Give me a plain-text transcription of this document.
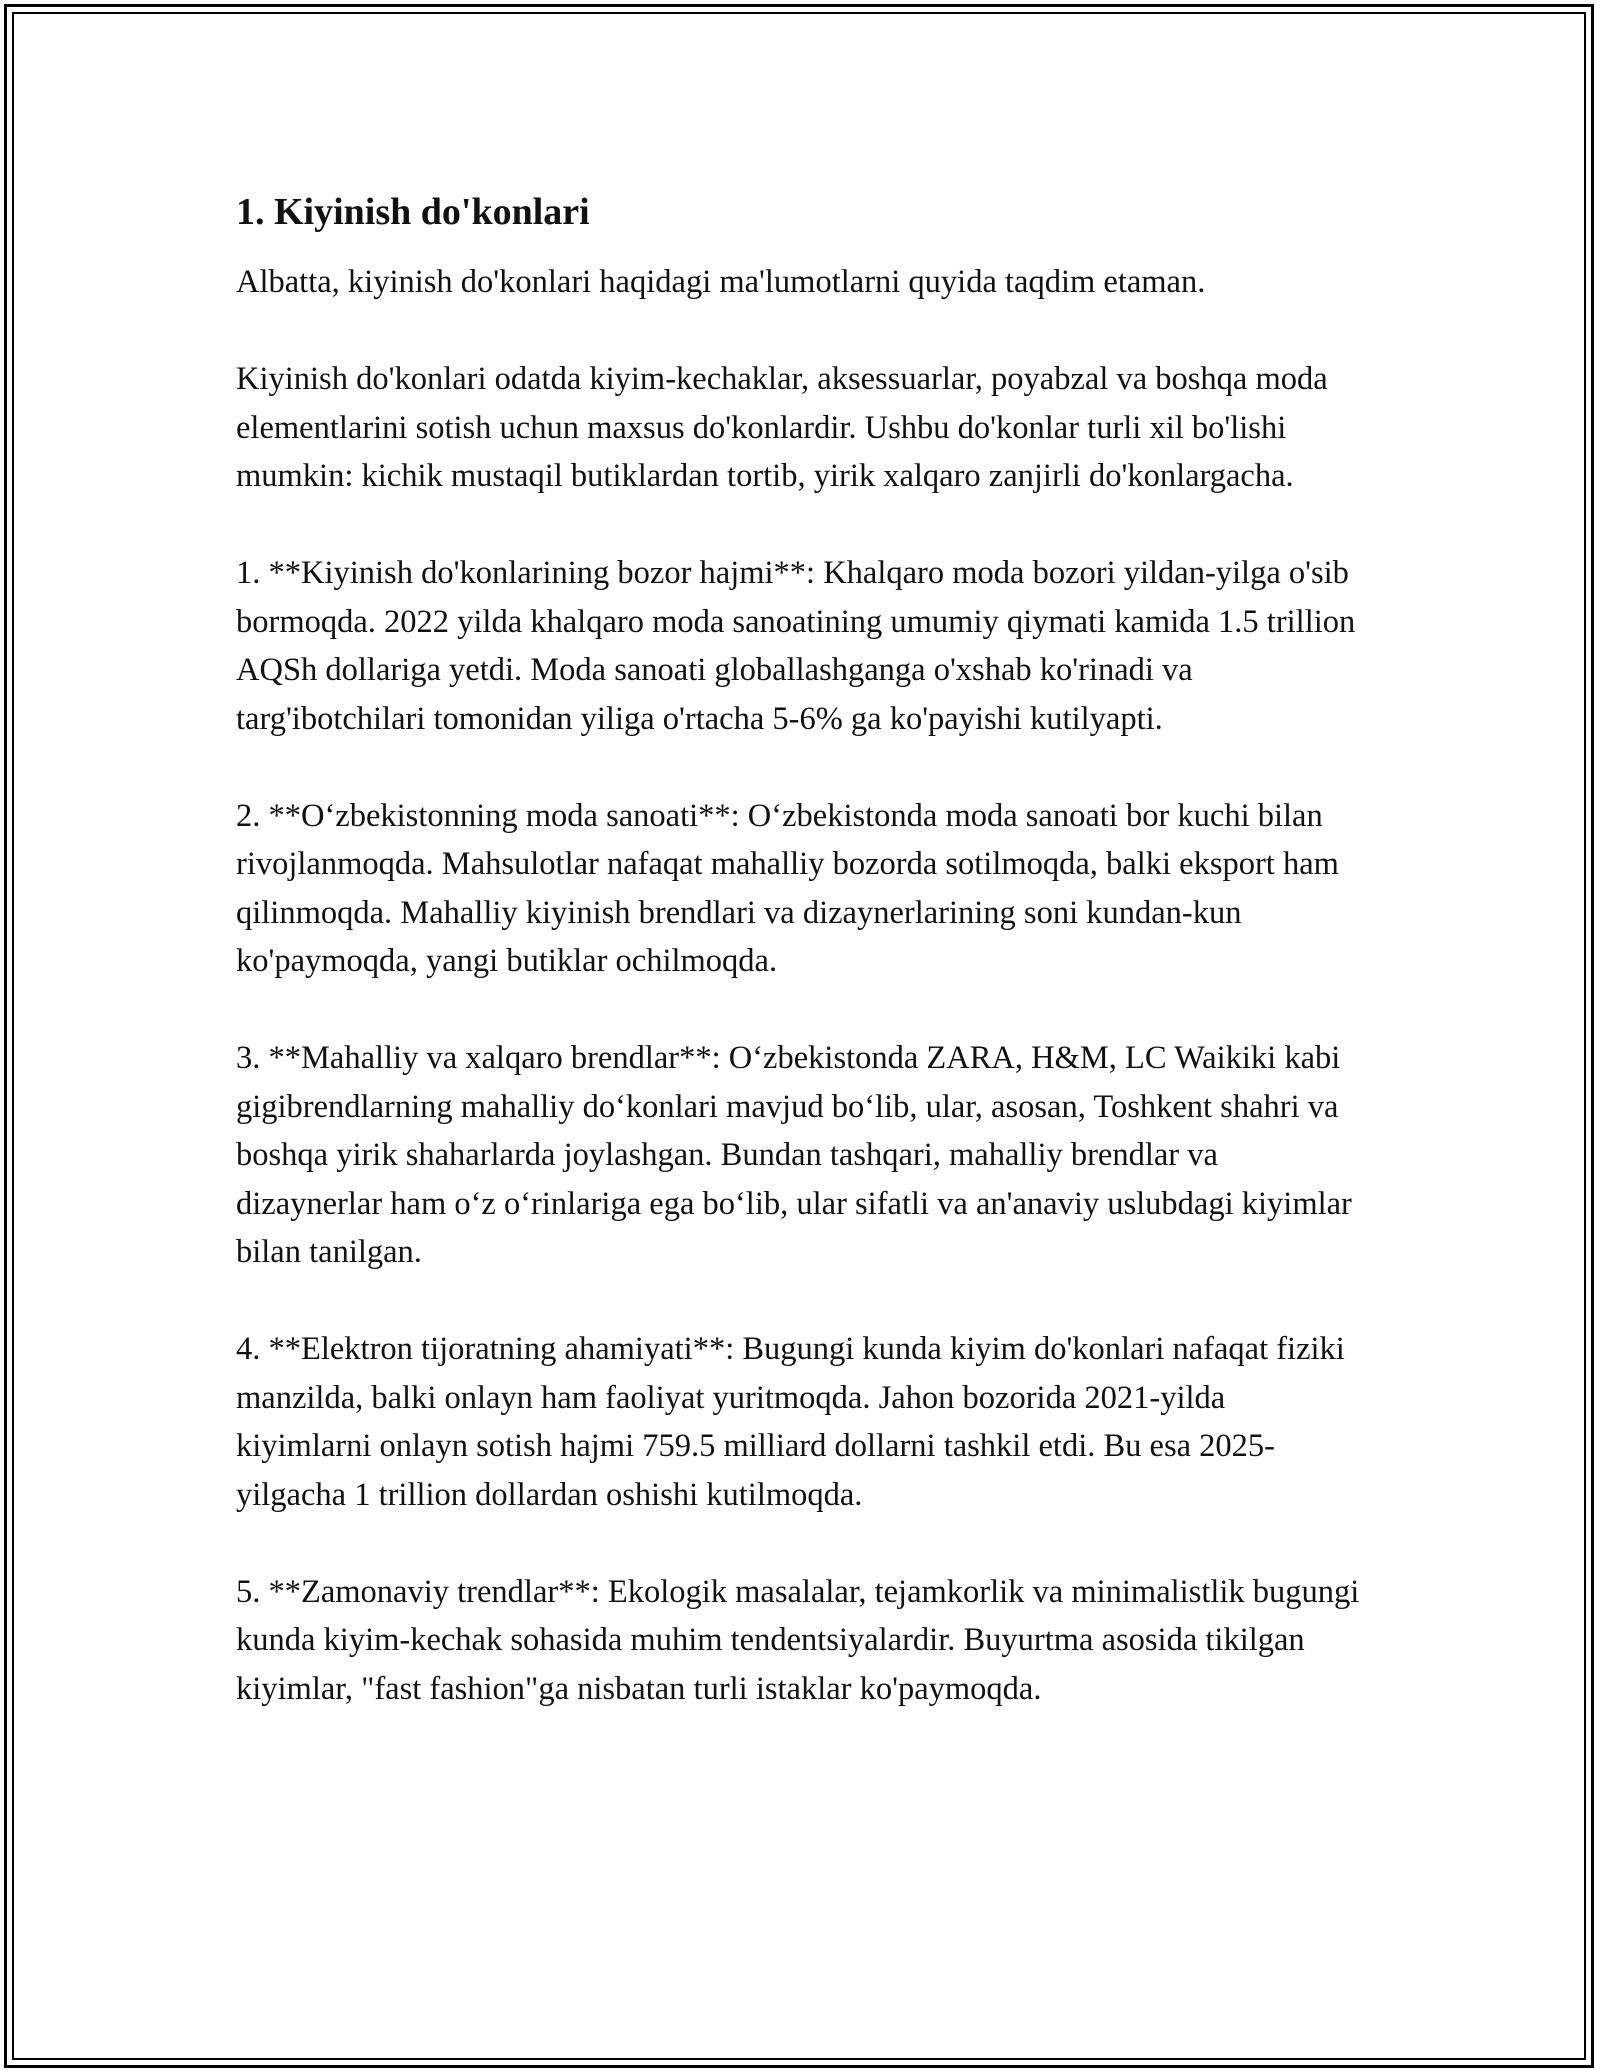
1. Kiyinish do'konlari

Albatta, kiyinish do'konlari haqidagi ma'lumotlarni quyida taqdim etaman.

Kiyinish do'konlari odatda kiyim-kechaklar, aksessuarlar, poyabzal va boshqa moda elementlarini sotish uchun maxsus do'konlardir. Ushbu do'konlar turli xil bo'lishi mumkin: kichik mustaqil butiklardan tortib, yirik xalqaro zanjirli do'konlargacha.

1. **Kiyinish do'konlarining bozor hajmi**: Khalqaro moda bozori yildan-yilga o'sib bormoqda. 2022 yilda khalqaro moda sanoatining umumiy qiymati kamida 1.5 trillion AQSh dollariga yetdi. Moda sanoati globallashganga o'xshab ko'rinadi va targ'ibotchilari tomonidan yiliga o'rtacha 5-6% ga ko'payishi kutilyapti.

2. **O‘zbekistonning moda sanoati**: O‘zbekistonda moda sanoati bor kuchi bilan rivojlanmoqda. Mahsulotlar nafaqat mahalliy bozorda sotilmoqda, balki eksport ham qilinmoqda. Mahalliy kiyinish brendlari va dizaynerlarining soni kundan-kun ko'paymoqda, yangi butiklar ochilmoqda.

3. **Mahalliy va xalqaro brendlar**: O‘zbekistonda ZARA, H&M, LC Waikiki kabi gigibrendlarning mahalliy do‘konlari mavjud bo‘lib, ular, asosan, Toshkent shahri va boshqa yirik shaharlarda joylashgan. Bundan tashqari, mahalliy brendlar va dizaynerlar ham o‘z o‘rinlariga ega bo‘lib, ular sifatli va an'anaviy uslubdagi kiyimlar bilan tanilgan.

4. **Elektron tijoratning ahamiyati**: Bugungi kunda kiyim do'konlari nafaqat fiziki manzilda, balki onlayn ham faoliyat yuritmoqda. Jahon bozorida 2021-yilda kiyimlarni onlayn sotish hajmi 759.5 milliard dollarni tashkil etdi. Bu esa 2025-yilgacha 1 trillion dollardan oshishi kutilmoqda.

5. **Zamonaviy trendlar**: Ekologik masalalar, tejamkorlik va minimalistlik bugungi kunda kiyim-kechak sohasida muhim tendentsiyalardir. Buyurtma asosida tikilgan kiyimlar, "fast fashion"ga nisbatan turli istaklar ko'paymoqda.
